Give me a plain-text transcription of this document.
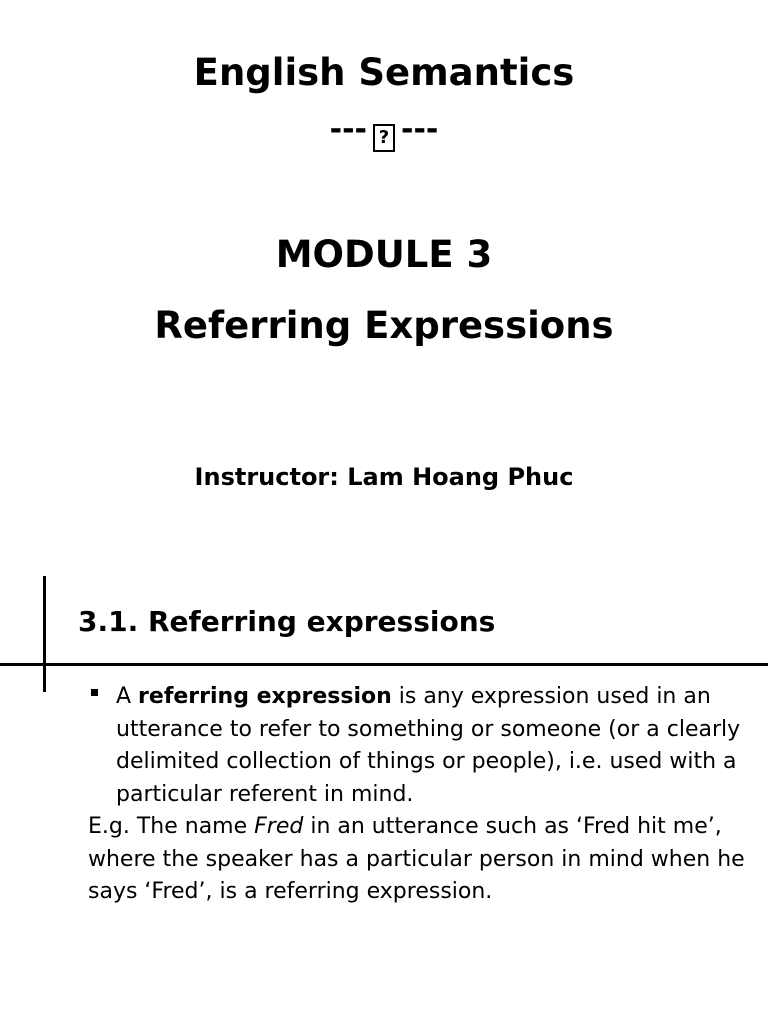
English Semantics
--- ? ---
MODULE 3
Referring Expressions
Instructor: Lam Hoang Phuc
3.1. Referring expressions
A referring expression is any expression used in an utterance to refer to something or someone (or a clearly delimited collection of things or people), i.e. used with a particular referent in mind.
E.g. The name Fred in an utterance such as ‘Fred hit me’, where the speaker has a particular person in mind when he says ‘Fred’, is a referring expression.
